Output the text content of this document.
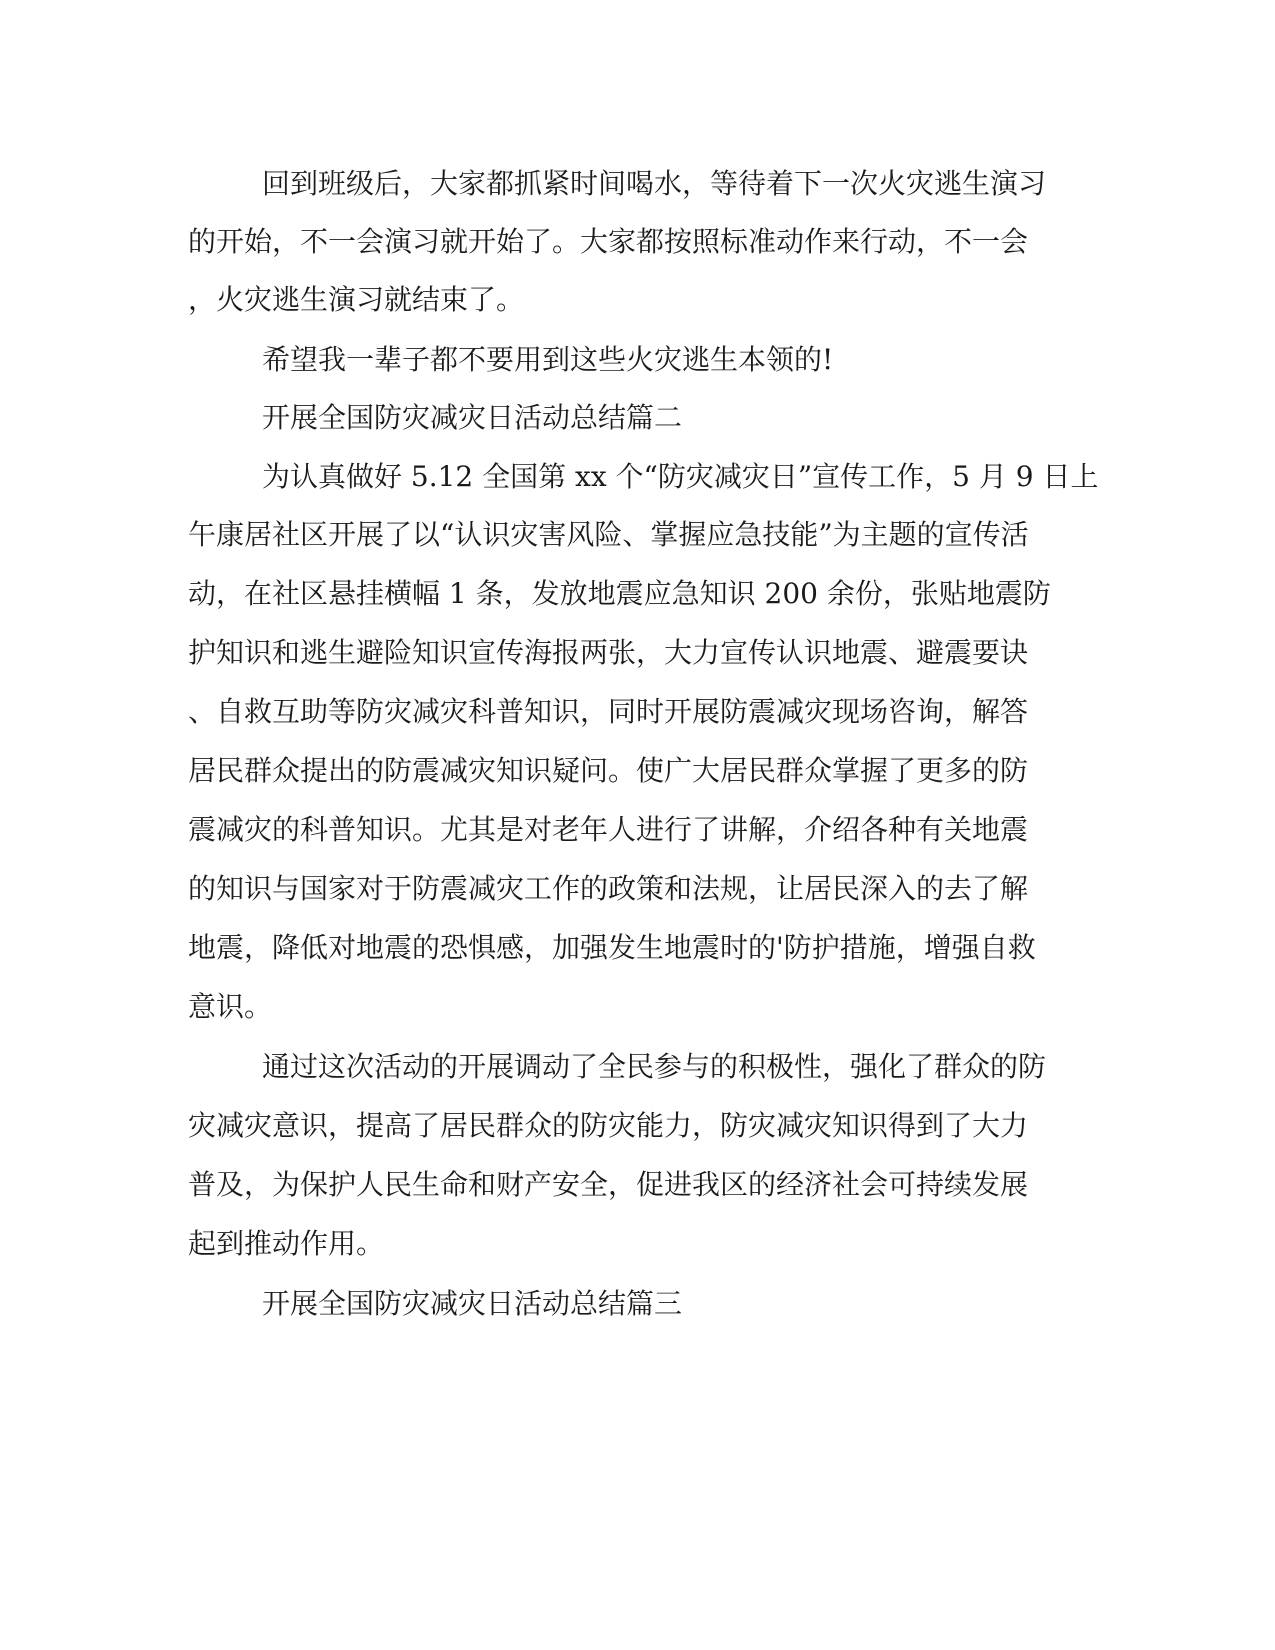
回到班级后，大家都抓紧时间喝水，等待着下一次火灾逃生演习
的开始，不一会演习就开始了。大家都按照标准动作来行动，不一会
，火灾逃生演习就结束了。
希望我一辈子都不要用到这些火灾逃生本领的!
开展全国防灾减灾日活动总结篇二
为认真做好 5.12 全国第 xx 个“防灾减灾日”宣传工作，5 月 9 日上
午康居社区开展了以“认识灾害风险、掌握应急技能”为主题的宣传活
动，在社区悬挂横幅 1 条，发放地震应急知识 200 余份，张贴地震防
护知识和逃生避险知识宣传海报两张，大力宣传认识地震、避震要诀
、自救互助等防灾减灾科普知识，同时开展防震减灾现场咨询，解答
居民群众提出的防震减灾知识疑问。使广大居民群众掌握了更多的防
震减灾的科普知识。尤其是对老年人进行了讲解，介绍各种有关地震
的知识与国家对于防震减灾工作的政策和法规，让居民深入的去了解
地震，降低对地震的恐惧感，加强发生地震时的'防护措施，增强自救
意识。
通过这次活动的开展调动了全民参与的积极性，强化了群众的防
灾减灾意识，提高了居民群众的防灾能力，防灾减灾知识得到了大力
普及，为保护人民生命和财产安全，促进我区的经济社会可持续发展
起到推动作用。
开展全国防灾减灾日活动总结篇三
